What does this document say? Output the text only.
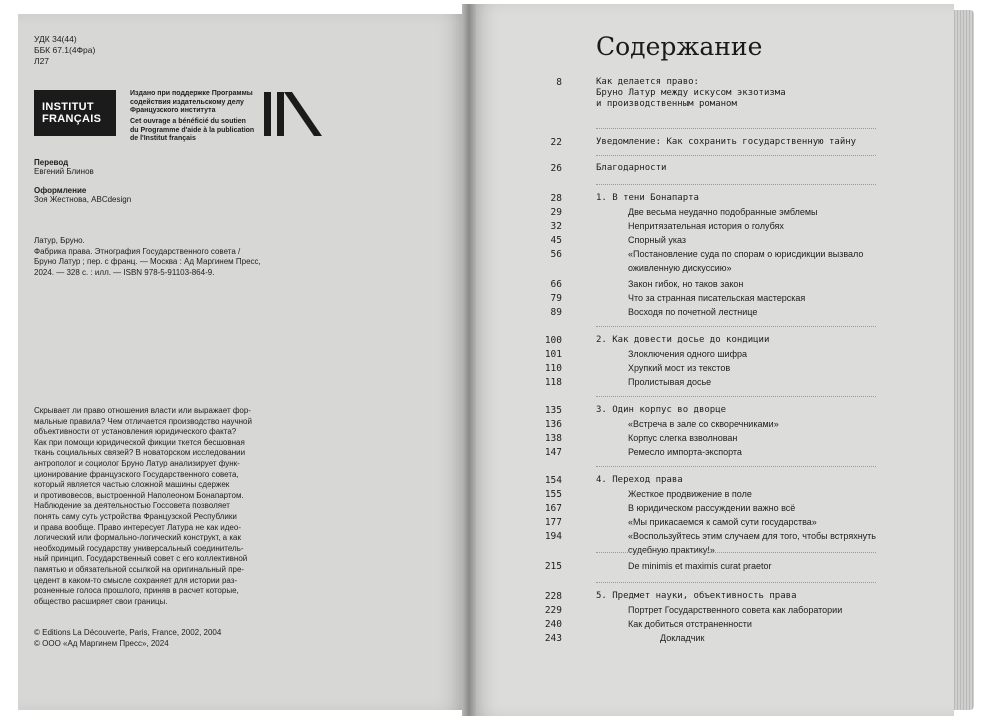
УДК 34(44)
ББК 67.1(4Фра)
Л27
INSTITUT
FRANÇAIS
Издано при поддержке Программы
содействия издательскому делу
Французского института
Cet ouvrage a bénéficié du soutien
du Programme d'aide à la publication
de l'Institut français
Перевод
Евгений Блинов
Оформление
Зоя Жестнова, ABCdesign
Латур, Бруно.
Фабрика права. Этнография Государственного совета /
Бруно Латур ; пер. с франц. — Москва : Ад Маргинем Пресс,
2024. — 328 с. : илл. — ISBN 978-5-91103-864-9.
Скрывает ли право отношения власти или выражает фор-
мальные правила? Чем отличается производство научной
объективности от установления юридического факта?
Как при помощи юридической фикции ткется бесшовная
ткань социальных связей? В новаторском исследовании
антрополог и социолог Бруно Латур анализирует функ-
ционирование французского Государственного совета,
который является частью сложной машины сдержек
и противовесов, выстроенной Наполеоном Бонапартом.
Наблюдение за деятельностью Госсовета позволяет
понять саму суть устройства Французской Республики
и права вообще. Право интересует Латура не как идео-
логический или формально-логический конструкт, а как
необходимый государству универсальный соединитель-
ный принцип. Государственный совет с его коллективной
памятью и обязательной ссылкой на оригинальный пре-
цедент в каком-то смысле сохраняет для истории раз-
розненные голоса прошлого, приняв в расчет которые,
общество расширяет свои границы.
© Editions La Découverte, Paris, France, 2002, 2004
© ООО «Ад Маргинем Пресс», 2024
Содержание
8	Как делается право:
Бруно Латур между искусом экзотизма
и производственным романом
22	Уведомление: Как сохранить государственную тайну
26	Благодарности
28	1. В тени Бонапарта
29	Две весьма неудачно подобранные эмблемы
32	Непритязательная история о голубях
45	Спорный указ
56	«Постановление суда по спорам о юрисдикции вызвало
оживленную дискуссию»
66	Закон гибок, но таков закон
79	Что за странная писательская мастерская
89	Восходя по почетной лестнице
100	2. Как довести досье до кондиции
101	Злоключения одного шифра
110	Хрупкий мост из текстов
118	Пролистывая досье
135	3. Один корпус во дворце
136	«Встреча в зале со скворечниками»
138	Корпус слегка взволнован
147	Ремесло импорта-экспорта
154	4. Переход права
155	Жесткое продвижение в поле
167	В юридическом рассуждении важно всё
177	«Мы прикасаемся к самой сути государства»
194	«Воспользуйтесь этим случаем для того, чтобы встряхнуть
судебную практику!»
215	De minimis et maximis curat praetor
228	5. Предмет науки, объективность права
229	Портрет Государственного совета как лаборатории
240	Как добиться отстраненности
243	Докладчик
